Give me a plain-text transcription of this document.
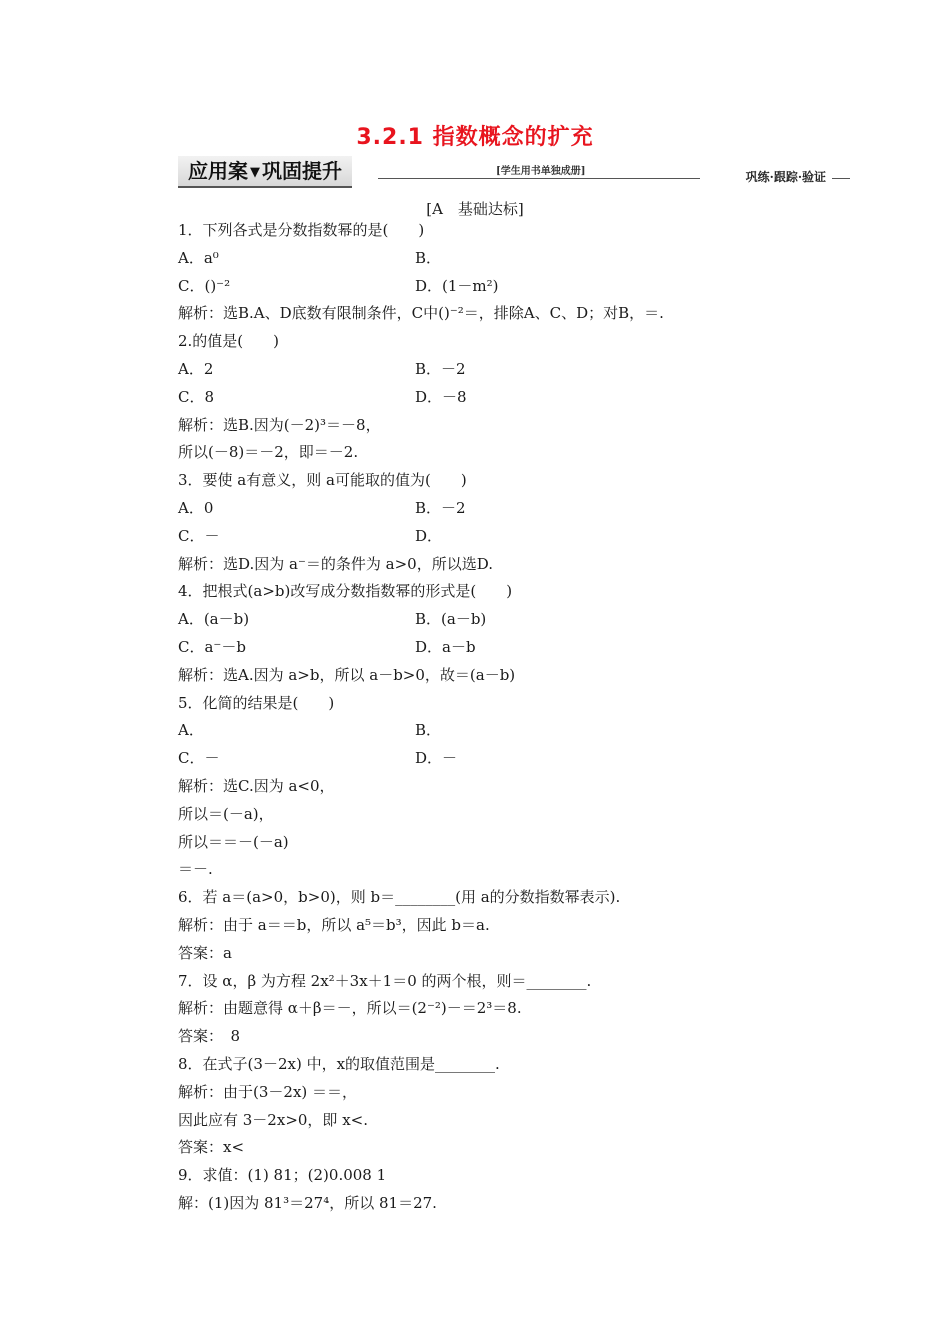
3.2.1 指数概念的扩充
应用案 ▼ 巩固提升	[学生用书单独成册]	巩练·跟踪·验证
[A　基础达标]
1．下列各式是分数指数幂的是(　　)
A．a⁰	B．
C．()⁻²	D．(1－m²)
解析：选B.A、D底数有限制条件，C中()⁻²＝，排除A、C、D；对B，＝.
2.的值是(　　)
A．2	B．－2
C．8	D．－8
解析：选B.因为(－2)³＝－8，
所以(－8)＝－2，即＝－2.
3．要使 a有意义，则 a可能取的值为(　　)
A．0	B．－2
C．－	D．
解析：选D.因为 a⁻＝的条件为 a>0，所以选D.
4．把根式(a>b)改写成分数指数幂的形式是(　　)
A．(a－b)	B．(a－b)
C．a⁻－b	D．a－b
解析：选A.因为 a>b，所以 a－b>0，故＝(a－b)
5．化简的结果是(　　)
A．	B．
C．－	D．－
解析：选C.因为 a<0，
所以＝(－a)，
所以＝＝－(－a)
＝－.
6．若 a＝(a>0，b>0)，则 b＝________(用 a的分数指数幂表示).
解析：由于 a＝＝b，所以 a⁵＝b³，因此 b＝a.
答案：a
7．设 α，β 为方程 2x²＋3x＋1＝0 的两个根，则＝________.
解析：由题意得 α＋β＝－，所以＝(2⁻²)－＝2³＝8.
答案：　8
8．在式子(3－2x) 中，x的取值范围是________.
解析：由于(3－2x) ＝＝，
因此应有 3－2x>0，即 x<.
答案：x<
9．求值：(1) 81；(2)0.008 1
解：(1)因为 81³＝27⁴，所以 81＝27.
